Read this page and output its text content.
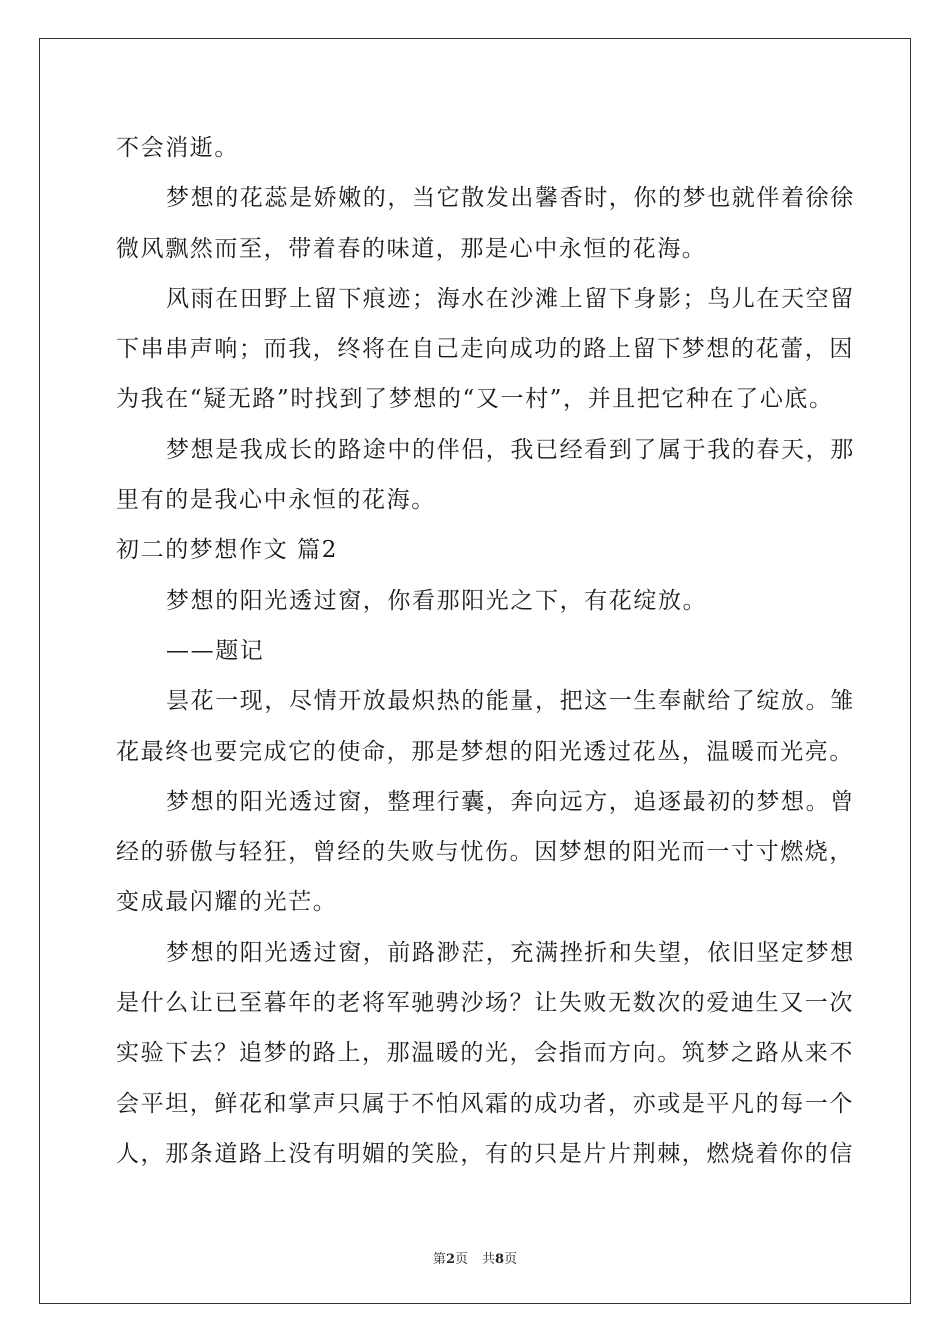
不会消逝。
梦想的花蕊是娇嫩的，当它散发出馨香时，你的梦也就伴着徐徐
微风飘然而至，带着春的味道，那是心中永恒的花海。
风雨在田野上留下痕迹；海水在沙滩上留下身影；鸟儿在天空留
下串串声响；而我，终将在自己走向成功的路上留下梦想的花蕾，因
为我在“疑无路”时找到了梦想的“又一村”，并且把它种在了心底。
梦想是我成长的路途中的伴侣，我已经看到了属于我的春天，那
里有的是我心中永恒的花海。
初二的梦想作文 篇2
梦想的阳光透过窗，你看那阳光之下，有花绽放。
——题记
昙花一现，尽情开放最炽热的能量，把这一生奉献给了绽放。雏
花最终也要完成它的使命，那是梦想的阳光透过花丛，温暖而光亮。
梦想的阳光透过窗，整理行囊，奔向远方，追逐最初的梦想。曾
经的骄傲与轻狂，曾经的失败与忧伤。因梦想的阳光而一寸寸燃烧，
变成最闪耀的光芒。
梦想的阳光透过窗，前路渺茫，充满挫折和失望，依旧坚定梦想
是什么让已至暮年的老将军驰骋沙场？让失败无数次的爱迪生又一次
实验下去？追梦的路上，那温暖的光，会指而方向。筑梦之路从来不
会平坦，鲜花和掌声只属于不怕风霜的成功者，亦或是平凡的每一个
人，那条道路上没有明媚的笑脸，有的只是片片荆棘，燃烧着你的信
第2页 共8页
